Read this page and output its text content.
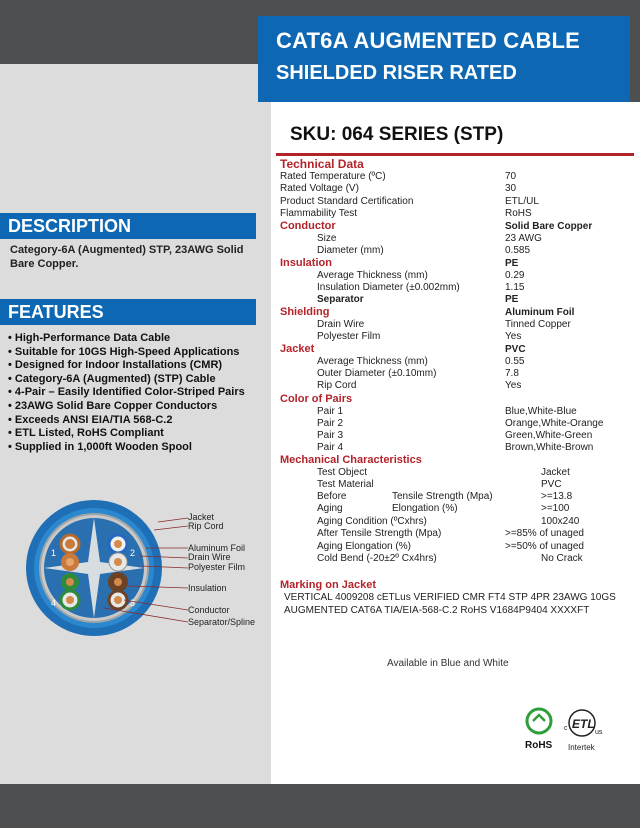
CAT6A AUGMENTED CABLE
SHIELDED RISER RATED
SKU: 064 SERIES (STP)
DESCRIPTION
Category-6A (Augmented) STP, 23AWG Solid Bare Copper.
FEATURES
• High-Performance Data Cable
• Suitable for 10GS High-Speed Applications
• Designed for Indoor Installations (CMR)
• Category-6A (Augmented) (STP) Cable
• 4-Pair – Easily Identified Color-Striped Pairs
• 23AWG Solid Bare Copper Conductors
• Exceeds ANSI EIA/TIA 568-C.2
• ETL Listed, RoHS Compliant
• Supplied in 1,000ft Wooden Spool
1	2
3
4
Jacket
Rip Cord
Aluminum Foil
Drain Wire
Polyester Film
Insulation
Conductor
Separator/Spline
Technical Data
Rated Temperature (ºC)	70
Rated Voltage (V)	30
Product Standard Certification	ETL/UL
Flammability Test	RoHS
Conductor	Solid Bare Copper
Size	23 AWG
Diameter (mm)	0.585
Insulation	PE
Average Thickness (mm)	0.29
Insulation Diameter (±0.002mm)	1.15
Separator	PE
Shielding	Aluminum Foil
Drain Wire	Tinned Copper
Polyester Film	Yes
Jacket	PVC
Average Thickness (mm)	0.55
Outer Diameter (±0.10mm)	7.8
Rip Cord	Yes
Color of Pairs
Pair 1	Blue,White-Blue
Pair 2	Orange,White-Orange
Pair 3	Green,White-Green
Pair 4	Brown,White-Brown
Mechanical Characteristics
Test Object	Jacket
Test Material	PVC
Before	Tensile Strength (Mpa)	>=13.8
Aging	Elongation (%)	>=100
Aging Condition (ºCxhrs)	100x240
After Tensile Strength (Mpa)	>=85% of unaged
Aging Elongation (%)	>=50% of unaged
Cold Bend (-20±2º Cx4hrs)	No Crack
Marking on Jacket
VERTICAL 4009208 cETLus VERIFIED CMR FT4 STP 4PR 23AWG 10GS AUGMENTED CAT6A TIA/EIA-568-C.2 RoHS V1684P9404 XXXXFT
Available in Blue and White
RoHS
ETL
c
us
Intertek
